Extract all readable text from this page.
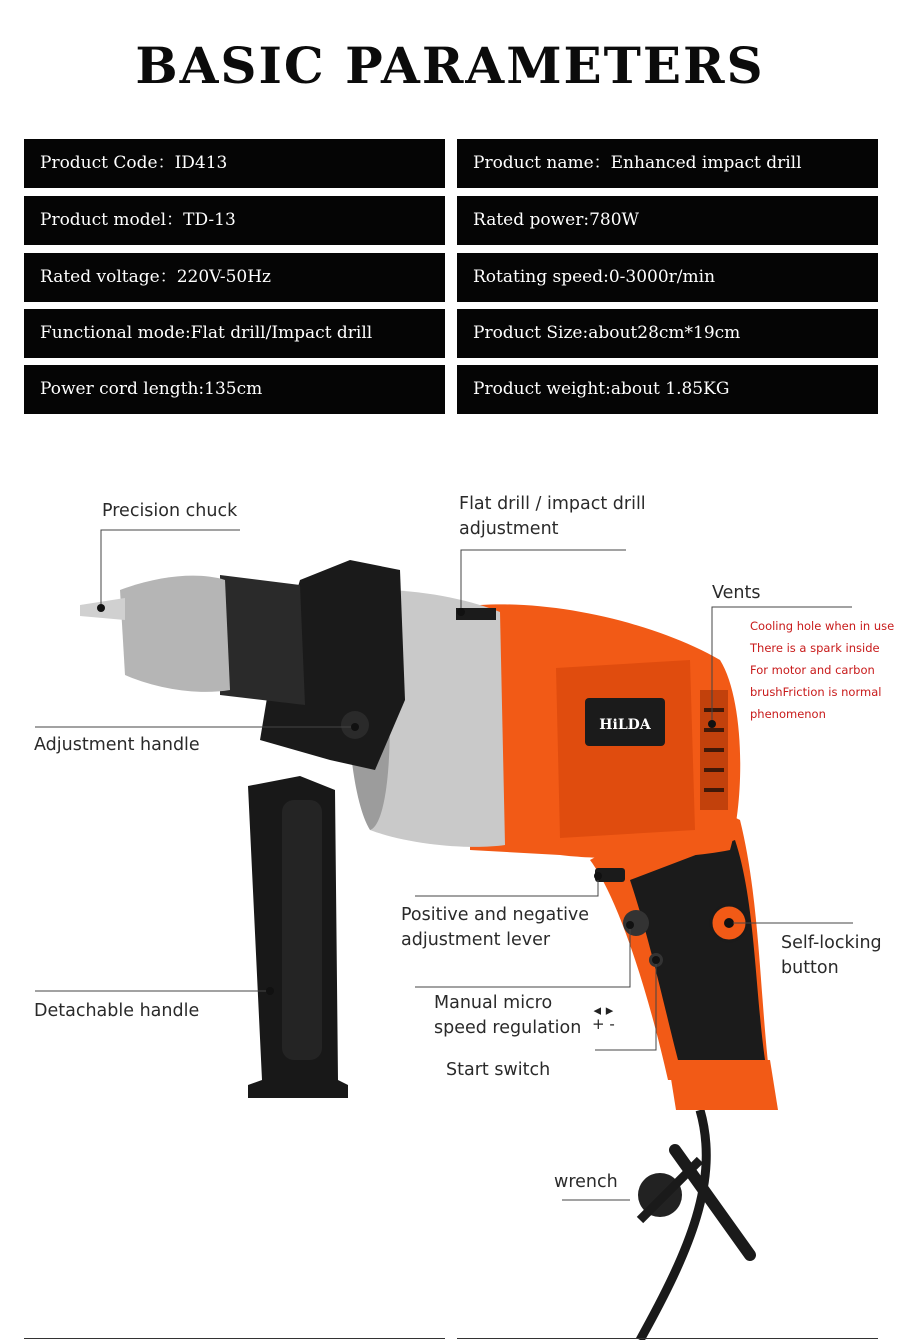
BASIC PARAMETERS
Product Code：ID413	Product name：Enhanced impact drill
Product model：TD-13	Rated power:780W
Rated voltage：220V-50Hz	Rotating speed:0-3000r/min
Functional mode:Flat drill/Impact drill	Product Size:about28cm*19cm
Power cord length:135cm	Product weight:about 1.85KG
HiLDA
Precision chuck	Flat drill / impact drill
adjustment
Vents
Cooling hole when in use
There is a spark inside
For motor and carbon
brushFriction is normal
phenomenon
Adjustment handle
Positive and negative
adjustment lever	Self-locking
button
Detachable handle	Manual micro
speed regulation
◂ ▸
+ -
Start switch
wrench
